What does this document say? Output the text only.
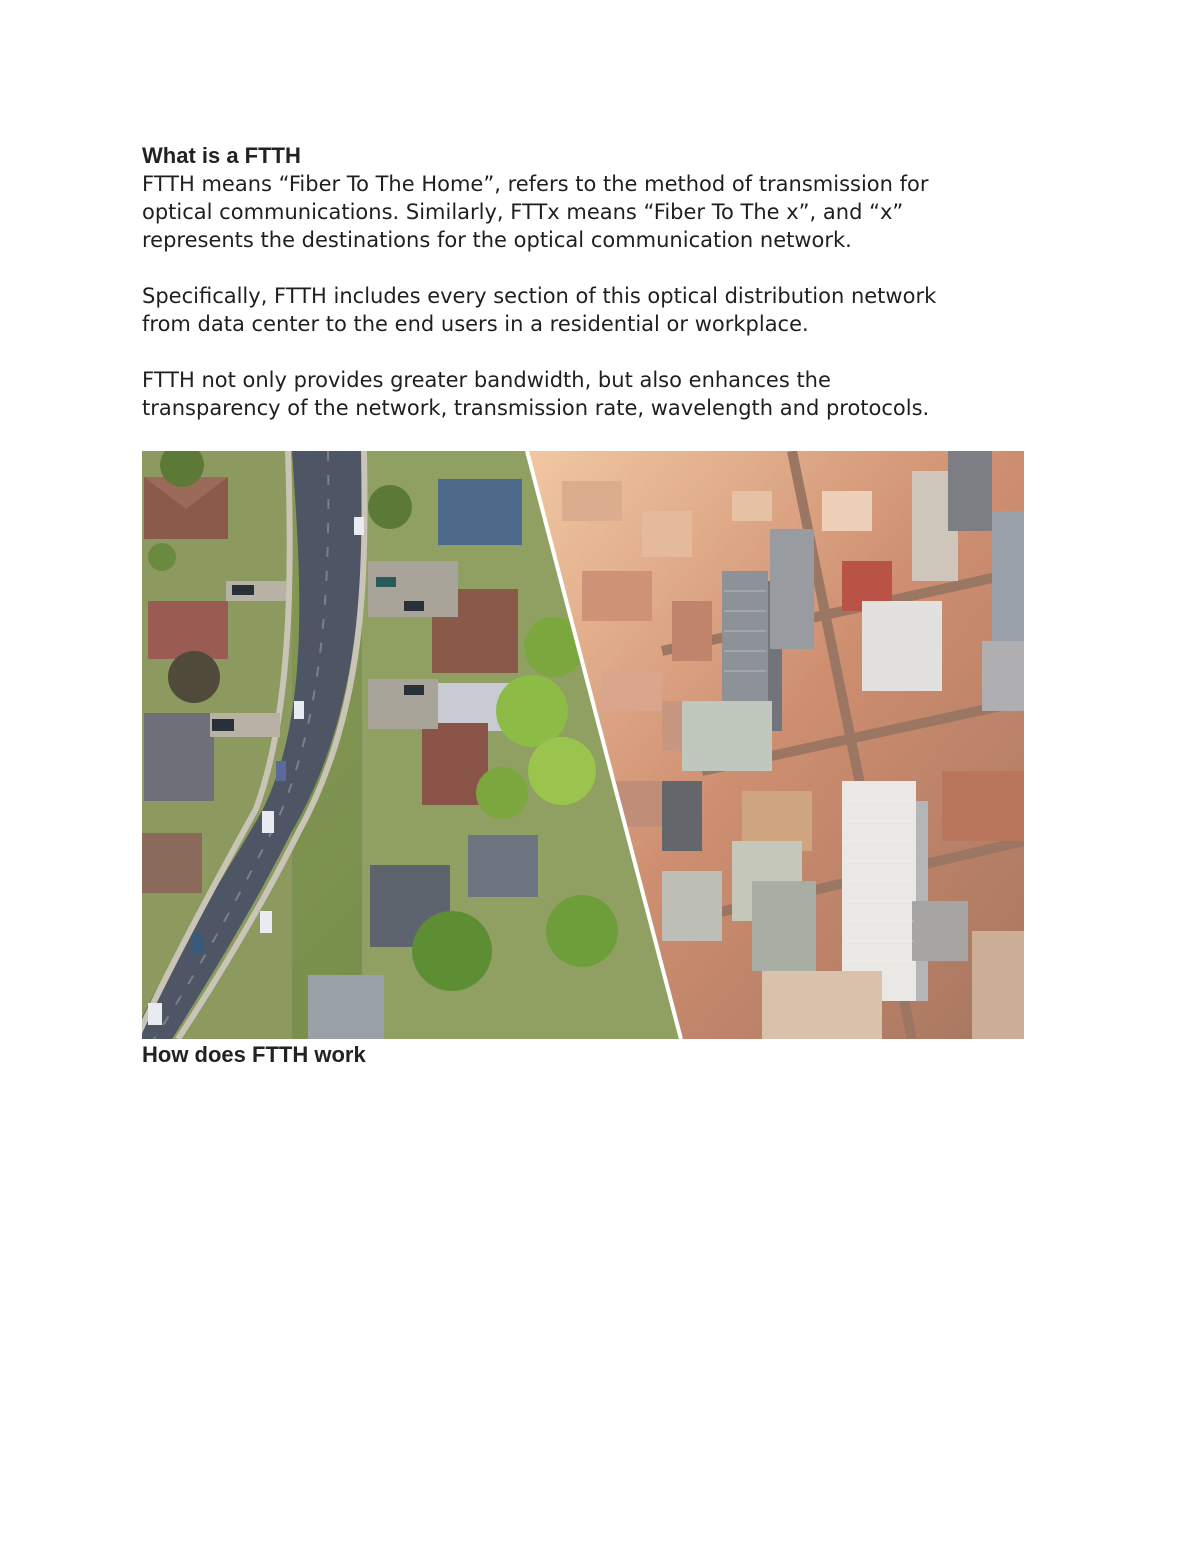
What is a FTTH

FTTH means “Fiber To The Home”, refers to the method of transmission for
optical communications. Similarly, FTTx means “Fiber To The x”, and “x”
represents the destinations for the optical communication network.

Specifically, FTTH includes every section of this optical distribution network
from data center to the end users in a residential or workplace.

FTTH not only provides greater bandwidth, but also enhances the
transparency of the network, transmission rate, wavelength and protocols.

How does FTTH work
